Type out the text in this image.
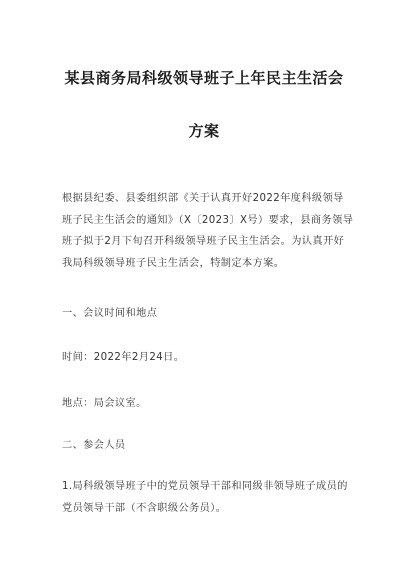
某县商务局科级领导班子上年民主生活会
方案
根据县纪委、县委组织部《关于认真开好2022年度科级领导班子民主生活会的通知》（X〔2023〕X号）要求，县商务领导班子拟于2月下旬召开科级领导班子民主生活会。为认真开好我局科级领导班子民主生活会，特制定本方案。
一、会议时间和地点
时间：2022年2月24日。
地点：局会议室。
二、参会人员
1.局科级领导班子中的党员领导干部和同级非领导班子成员的党员领导干部（不含职级公务员）。
